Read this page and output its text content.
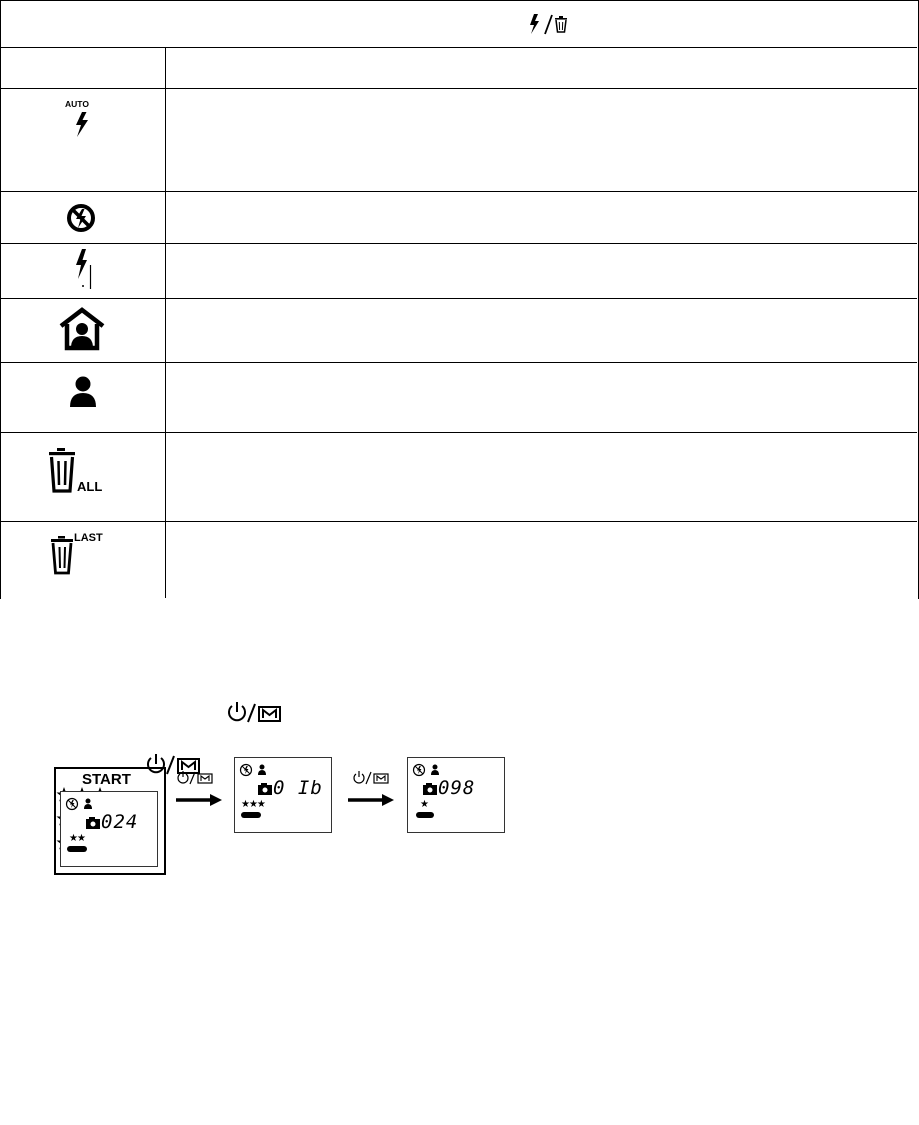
AUTO
ALL
LAST
START
024
★★
0 Ib
★★★
098
★
